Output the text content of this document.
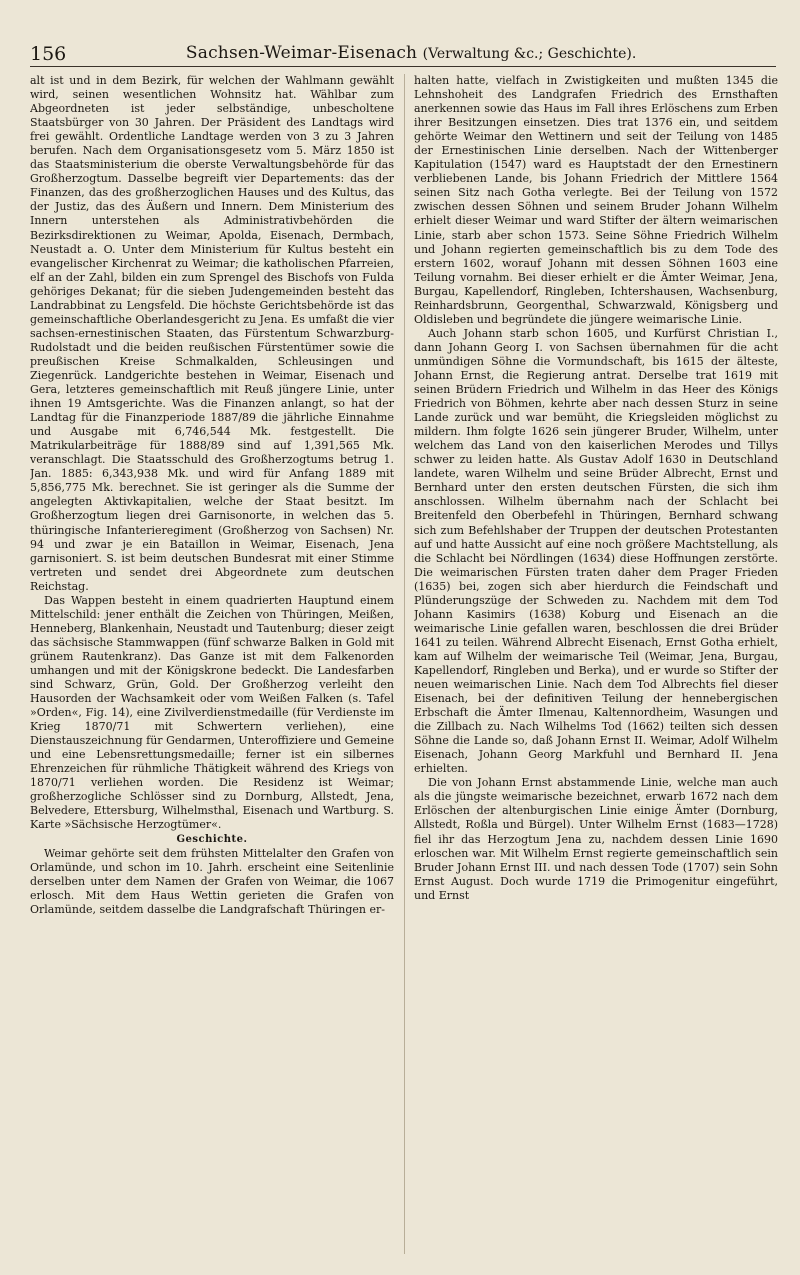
156	Sachsen-Weimar-Eisenach (Verwaltung &c.; Geschichte).

alt ist und in dem Bezirk, für welchen der Wahlmann gewählt wird, seinen wesentlichen Wohnsitz hat. Wählbar zum Abgeordneten ist jeder selbständige, unbescholtene Staatsbürger von 30 Jahren. Der Präsident des Landtags wird frei gewählt. Ordentliche Landtage werden von 3 zu 3 Jahren berufen. Nach dem Organisationsgesetz vom 5. März 1850 ist das Staatsministerium die oberste Verwaltungsbehörde für das Großherzogtum. Dasselbe begreift vier Departements: das der Finanzen, das des großherzoglichen Hauses und des Kultus, das der Justiz, das des Äußern und Innern. Dem Ministerium des Innern unterstehen als Administrativbehörden die Bezirksdirektionen zu Weimar, Apolda, Eisenach, Dermbach, Neustadt a. O. Unter dem Ministerium für Kultus besteht ein evangelischer Kirchenrat zu Weimar; die katholischen Pfarreien, elf an der Zahl, bilden ein zum Sprengel des Bischofs von Fulda gehöriges Dekanat; für die sieben Judengemeinden besteht das Landrabbinat zu Lengsfeld. Die höchste Gerichtsbehörde ist das gemeinschaftliche Oberlandesgericht zu Jena. Es umfaßt die vier sachsen-ernestinischen Staaten, das Fürstentum Schwarzburg-Rudolstadt und die beiden reußischen Fürstentümer sowie die preußischen Kreise Schmalkalden, Schleusingen und Ziegenrück. Landgerichte bestehen in Weimar, Eisenach und Gera, letzteres gemeinschaftlich mit Reuß jüngere Linie, unter ihnen 19 Amtsgerichte. Was die Finanzen anlangt, so hat der Landtag für die Finanzperiode 1887/89 die jährliche Einnahme und Ausgabe mit 6,746,544 Mk. festgestellt. Die Matrikularbeiträge für 1888/89 sind auf 1,391,565 Mk. veranschlagt. Die Staatsschuld des Großherzogtums betrug 1. Jan. 1885: 6,343,938 Mk. und wird für Anfang 1889 mit 5,856,775 Mk. berechnet. Sie ist geringer als die Summe der angelegten Aktivkapitalien, welche der Staat besitzt. Im Großherzogtum liegen drei Garnisonorte, in welchen das 5. thüringische Infanterieregiment (Großherzog von Sachsen) Nr. 94 und zwar je ein Bataillon in Weimar, Eisenach, Jena garnisoniert. S. ist beim deutschen Bundesrat mit einer Stimme vertreten und sendet drei Abgeordnete zum deutschen Reichstag.

Das Wappen besteht in einem quadrierten Hauptund einem Mittelschild: jener enthält die Zeichen von Thüringen, Meißen, Henneberg, Blankenhain, Neustadt und Tautenburg; dieser zeigt das sächsische Stammwappen (fünf schwarze Balken in Gold mit grünem Rautenkranz). Das Ganze ist mit dem Falkenorden umhangen und mit der Königskrone bedeckt. Die Landesfarben sind Schwarz, Grün, Gold. Der Großherzog verleiht den Hausorden der Wachsamkeit oder vom Weißen Falken (s. Tafel »Orden«, Fig. 14), eine Zivilverdienstmedaille (für Verdienste im Krieg 1870/71 mit Schwertern verliehen), eine Dienstauszeichnung für Gendarmen, Unteroffiziere und Gemeine und eine Lebensrettungsmedaille; ferner ist ein silbernes Ehrenzeichen für rühmliche Thätigkeit während des Kriegs von 1870/71 verliehen worden. Die Residenz ist Weimar; großherzogliche Schlösser sind zu Dornburg, Allstedt, Jena, Belvedere, Ettersburg, Wilhelmsthal, Eisenach und Wartburg. S. Karte »Sächsische Herzogtümer«.

Geschichte.

Weimar gehörte seit dem frühsten Mittelalter den Grafen von Orlamünde, und schon im 10. Jahrh. erscheint eine Seitenlinie derselben unter dem Namen der Grafen von Weimar, die 1067 erlosch. Mit dem Haus Wettin gerieten die Grafen von Orlamünde, seitdem dasselbe die Landgrafschaft Thüringen er-

halten hatte, vielfach in Zwistigkeiten und mußten 1345 die Lehnshoheit des Landgrafen Friedrich des Ernsthaften anerkennen sowie das Haus im Fall ihres Erlöschens zum Erben ihrer Besitzungen einsetzen. Dies trat 1376 ein, und seitdem gehörte Weimar den Wettinern und seit der Teilung von 1485 der Ernestinischen Linie derselben. Nach der Wittenberger Kapitulation (1547) ward es Hauptstadt der den Ernestinern verbliebenen Lande, bis Johann Friedrich der Mittlere 1564 seinen Sitz nach Gotha verlegte. Bei der Teilung von 1572 zwischen dessen Söhnen und seinem Bruder Johann Wilhelm erhielt dieser Weimar und ward Stifter der ältern weimarischen Linie, starb aber schon 1573. Seine Söhne Friedrich Wilhelm und Johann regierten gemeinschaftlich bis zu dem Tode des erstern 1602, worauf Johann mit dessen Söhnen 1603 eine Teilung vornahm. Bei dieser erhielt er die Ämter Weimar, Jena, Burgau, Kapellendorf, Ringleben, Ichtershausen, Wachsenburg, Reinhardsbrunn, Georgenthal, Schwarzwald, Königsberg und Oldisleben und begründete die jüngere weimarische Linie.

Auch Johann starb schon 1605, und Kurfürst Christian I., dann Johann Georg I. von Sachsen übernahmen für die acht unmündigen Söhne die Vormundschaft, bis 1615 der älteste, Johann Ernst, die Regierung antrat. Derselbe trat 1619 mit seinen Brüdern Friedrich und Wilhelm in das Heer des Königs Friedrich von Böhmen, kehrte aber nach dessen Sturz in seine Lande zurück und war bemüht, die Kriegsleiden möglichst zu mildern. Ihm folgte 1626 sein jüngerer Bruder, Wilhelm, unter welchem das Land von den kaiserlichen Merodes und Tillys schwer zu leiden hatte. Als Gustav Adolf 1630 in Deutschland landete, waren Wilhelm und seine Brüder Albrecht, Ernst und Bernhard unter den ersten deutschen Fürsten, die sich ihm anschlossen. Wilhelm übernahm nach der Schlacht bei Breitenfeld den Oberbefehl in Thüringen, Bernhard schwang sich zum Befehlshaber der Truppen der deutschen Protestanten auf und hatte Aussicht auf eine noch größere Machtstellung, als die Schlacht bei Nördlingen (1634) diese Hoffnungen zerstörte. Die weimarischen Fürsten traten daher dem Prager Frieden (1635) bei, zogen sich aber hierdurch die Feindschaft und Plünderungszüge der Schweden zu. Nachdem mit dem Tod Johann Kasimirs (1638) Koburg und Eisenach an die weimarische Linie gefallen waren, beschlossen die drei Brüder 1641 zu teilen. Während Albrecht Eisenach, Ernst Gotha erhielt, kam auf Wilhelm der weimarische Teil (Weimar, Jena, Burgau, Kapellendorf, Ringleben und Berka), und er wurde so Stifter der neuen weimarischen Linie. Nach dem Tod Albrechts fiel dieser Eisenach, bei der definitiven Teilung der hennebergischen Erbschaft die Ämter Ilmenau, Kaltennordheim, Wasungen und die Zillbach zu. Nach Wilhelms Tod (1662) teilten sich dessen Söhne die Lande so, daß Johann Ernst II. Weimar, Adolf Wilhelm Eisenach, Johann Georg Markfuhl und Bernhard II. Jena erhielten.

Die von Johann Ernst abstammende Linie, welche man auch als die jüngste weimarische bezeichnet, erwarb 1672 nach dem Erlöschen der altenburgischen Linie einige Ämter (Dornburg, Allstedt, Roßla und Bürgel). Unter Wilhelm Ernst (1683—1728) fiel ihr das Herzogtum Jena zu, nachdem dessen Linie 1690 erloschen war. Mit Wilhelm Ernst regierte gemeinschaftlich sein Bruder Johann Ernst III. und nach dessen Tode (1707) sein Sohn Ernst August. Doch wurde 1719 die Primogenitur eingeführt, und Ernst
